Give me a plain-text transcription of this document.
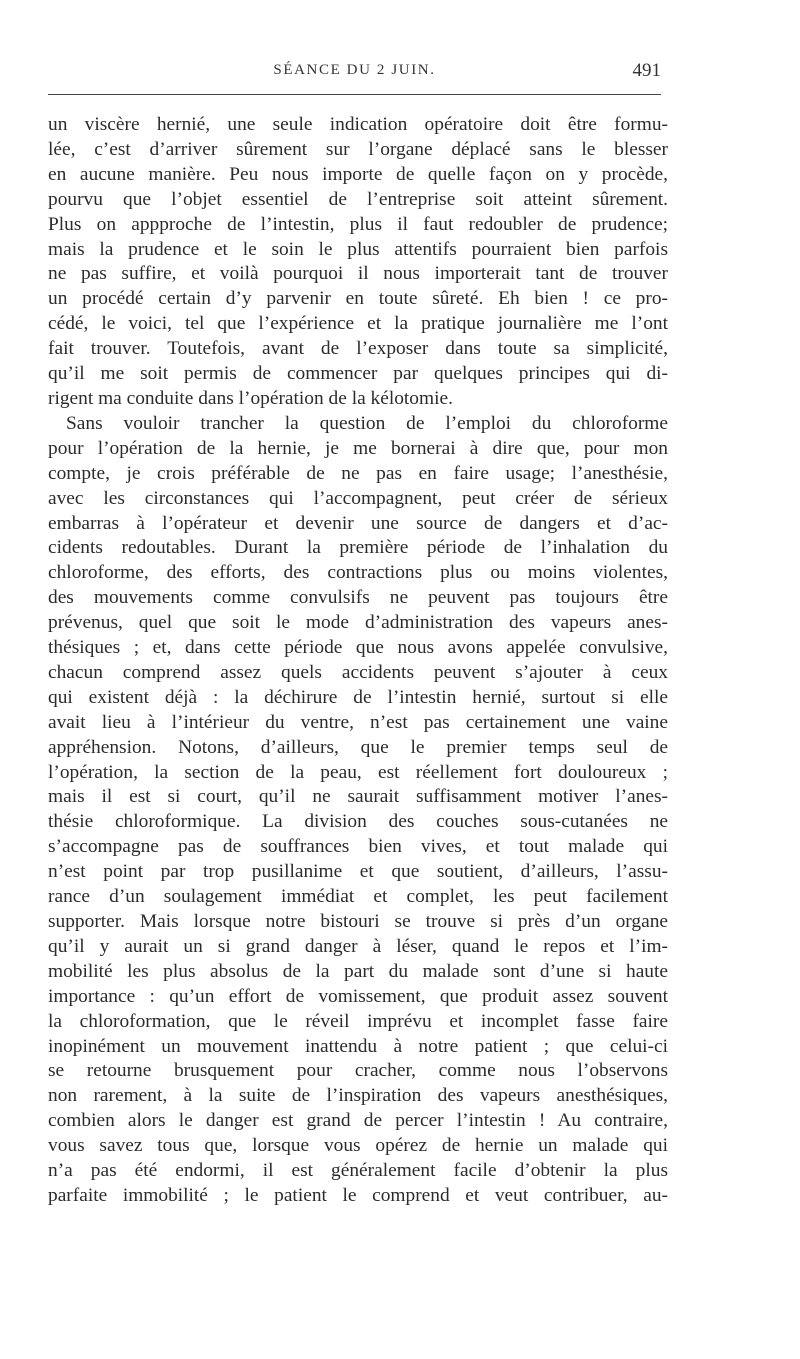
SÉANCE DU 2 JUIN.	491
un viscère hernié, une seule indication opératoire doit être formu-
lée, c’est d’arriver sûrement sur l’organe déplacé sans le blesser
en aucune manière. Peu nous importe de quelle façon on y procède,
pourvu que l’objet essentiel de l’entreprise soit atteint sûrement.
Plus on appproche de l’intestin, plus il faut redoubler de prudence;
mais la prudence et le soin le plus attentifs pourraient bien parfois
ne pas suffire, et voilà pourquoi il nous importerait tant de trouver
un procédé certain d’y parvenir en toute sûreté. Eh bien ! ce pro-
cédé, le voici, tel que l’expérience et la pratique journalière me l’ont
fait trouver. Toutefois, avant de l’exposer dans toute sa simplicité,
qu’il me soit permis de commencer par quelques principes qui di-
rigent ma conduite dans l’opération de la kélotomie.
Sans vouloir trancher la question de l’emploi du chloroforme
pour l’opération de la hernie, je me bornerai à dire que, pour mon
compte, je crois préférable de ne pas en faire usage; l’anesthésie,
avec les circonstances qui l’accompagnent, peut créer de sérieux
embarras à l’opérateur et devenir une source de dangers et d’ac-
cidents redoutables. Durant la première période de l’inhalation du
chloroforme, des efforts, des contractions plus ou moins violentes,
des mouvements comme convulsifs ne peuvent pas toujours être
prévenus, quel que soit le mode d’administration des vapeurs anes-
thésiques ; et, dans cette période que nous avons appelée convulsive,
chacun comprend assez quels accidents peuvent s’ajouter à ceux
qui existent déjà : la déchirure de l’intestin hernié, surtout si elle
avait lieu à l’intérieur du ventre, n’est pas certainement une vaine
appréhension. Notons, d’ailleurs, que le premier temps seul de
l’opération, la section de la peau, est réellement fort douloureux ;
mais il est si court, qu’il ne saurait suffisamment motiver l’anes-
thésie chloroformique. La division des couches sous-cutanées ne
s’accompagne pas de souffrances bien vives, et tout malade qui
n’est point par trop pusillanime et que soutient, d’ailleurs, l’assu-
rance d’un soulagement immédiat et complet, les peut facilement
supporter. Mais lorsque notre bistouri se trouve si près d’un organe
qu’il y aurait un si grand danger à léser, quand le repos et l’im-
mobilité les plus absolus de la part du malade sont d’une si haute
importance : qu’un effort de vomissement, que produit assez souvent
la chloroformation, que le réveil imprévu et incomplet fasse faire
inopinément un mouvement inattendu à notre patient ; que celui-ci
se retourne brusquement pour cracher, comme nous l’observons
non rarement, à la suite de l’inspiration des vapeurs anesthésiques,
combien alors le danger est grand de percer l’intestin ! Au contraire,
vous savez tous que, lorsque vous opérez de hernie un malade qui
n’a pas été endormi, il est généralement facile d’obtenir la plus
parfaite immobilité ; le patient le comprend et veut contribuer, au-
